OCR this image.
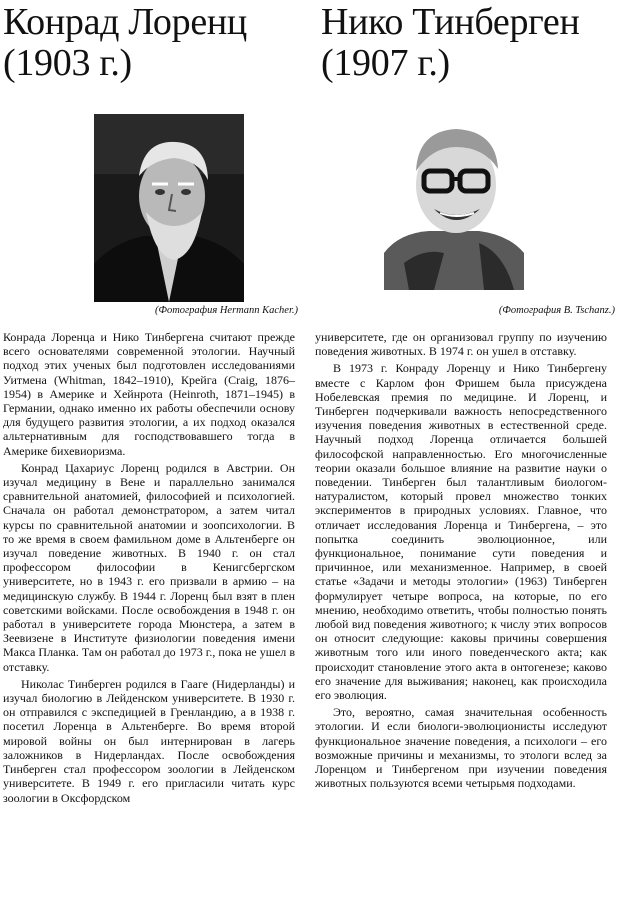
Конрад Лоренц
(1903 г.)
Нико Тинберген
(1907 г.)
(Фотография Hermann Kacher.)	(Фотография B. Tschanz.)

Конрада Лоренца и Нико Тинбергена считают прежде всего основателями современной этологии. Научный подход этих ученых был подготовлен исследованиями Уитмена (Whitman, 1842–1910), Крейга (Craig, 1876–1954) в Америке и Хейнрота (Heinroth, 1871–1945) в Германии, однако именно их работы обеспечили основу для будущего развития этологии, а их подход оказался альтернативным для господствовавшего тогда в Америке бихевиоризма.

Конрад Цахариус Лоренц родился в Австрии. Он изучал медицину в Вене и параллельно занимался сравнительной анатомией, философией и психологией. Сначала он работал демонстратором, а затем читал курсы по сравнительной анатомии и зоопсихологии. В то же время в своем фамильном доме в Альтенберге он изучал поведение животных. В 1940 г. он стал профессором философии в Кенигсбергском университете, но в 1943 г. его призвали в армию – на медицинскую службу. В 1944 г. Лоренц был взят в плен советскими войсками. После освобождения в 1948 г. он работал в университете города Мюнстера, а затем в Зеевизене в Институте физиологии поведения имени Макса Планка. Там он работал до 1973 г., пока не ушел в отставку.

Николас Тинберген родился в Гааге (Нидерланды) и изучал биологию в Лейденском университете. В 1930 г. он отправился с экспедицией в Гренландию, а в 1938 г. посетил Лоренца в Альтенберге. Во время второй мировой войны он был интернирован в лагерь заложников в Нидерландах. После освобождения Тинберген стал профессором зоологии в Лейденском университете. В 1949 г. его пригласили читать курс зоологии в Оксфордском

университете, где он организовал группу по изучению поведения животных. В 1974 г. он ушел в отставку.

В 1973 г. Конраду Лоренцу и Нико Тинбергену вместе с Карлом фон Фришем была присуждена Нобелевская премия по медицине. И Лоренц, и Тинберген подчеркивали важность непосредственного изучения поведения животных в естественной среде. Научный подход Лоренца отличается большей философской направленностью. Его многочисленные теории оказали большое влияние на развитие науки о поведении. Тинберген был талантливым биологом-натуралистом, который провел множество тонких экспериментов в природных условиях. Главное, что отличает исследования Лоренца и Тинбергена, – это попытка соединить эволюционное, или функциональное, понимание сути поведения и причинное, или механизменное. Например, в своей статье «Задачи и методы этологии» (1963) Тинберген формулирует четыре вопроса, на которые, по его мнению, необходимо ответить, чтобы полностью понять любой вид поведения животного; к числу этих вопросов он относит следующие: каковы причины совершения животным того или иного поведенческого акта; как происходит становление этого акта в онтогенезе; каково его значение для выживания; наконец, как происходила его эволюция.

Это, вероятно, самая значительная особенность этологии. И если биологи-эволюционисты исследуют функциональное значение поведения, а психологи – его возможные причины и механизмы, то этологи вслед за Лоренцом и Тинбергеном при изучении поведения животных пользуются всеми четырьмя подходами.
